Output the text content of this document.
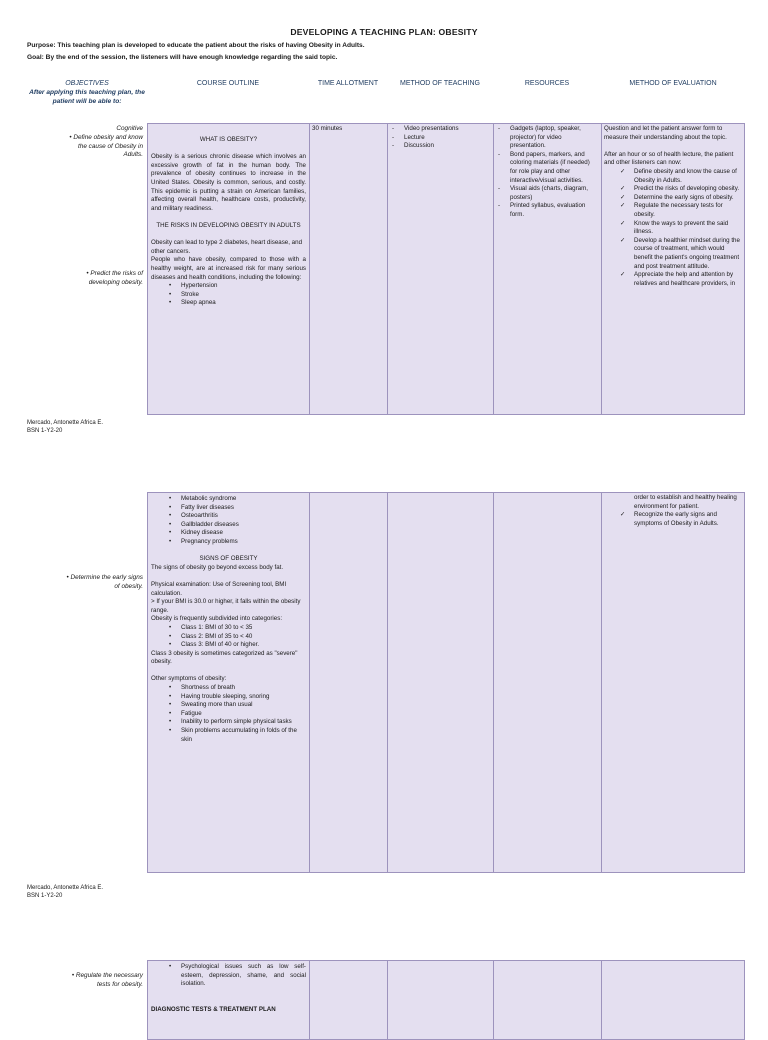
DEVELOPING A TEACHING PLAN: OBESITY
Purpose: This teaching plan is developed to educate the patient about the risks of having Obesity in Adults.
Goal: By the end of the session, the listeners will have enough knowledge regarding the said topic.
OBJECTIVES
After applying this teaching plan, the patient will be able to:
COURSE OUTLINE	TIME ALLOTMENT	METHOD OF TEACHING	RESOURCES	METHOD OF EVALUATION
Cognitive
• Define obesity and know the cause of Obesity in Adults.
• Predict the risks of developing obesity.

WHAT IS OBESITY?

Obesity is a serious chronic disease which involves an excessive growth of fat in the human body. The prevalence of obesity continues to increase in the United States. Obesity is common, serious, and costly. This epidemic is putting a strain on American families, affecting overall health, healthcare costs, productivity, and military readiness.

THE RISKS IN DEVELOPING OBESITY IN ADULTS

Obesity can lead to type 2 diabetes, heart disease, and other cancers.

People who have obesity, compared to those with a healthy weight, are at increased risk for many serious diseases and health conditions, including the following:

• Hypertension
• Stroke
• Sleep apnea
30 minutes
-	Video presentations
- Lecture
- Discussion
- Gadgets (laptop, speaker, projector) for video presentation.
- Bond papers, markers, and coloring materials (if needed) for role play and other interactive/visual activities.
- Visual aids (charts, diagram, posters)
- Printed syllabus, evaluation form.

Question and let the patient answer form to measure their understanding about the topic.

After an hour or so of health lecture, the patient and other listeners can now:

✓ Define obesity and know the cause of Obesity in Adults.
✓ Predict the risks of developing obesity.
✓ Determine the early signs of obesity.
✓ Regulate the necessary tests for obesity.
✓ Know the ways to prevent the said illness.
✓ Develop a healthier mindset during the course of treatment, which would benefit the patient's ongoing treatment and post treatment attitude.
✓ Appreciate the help and attention by relatives and healthcare providers, in
Mercado, Antonette Africa E.
BSN 1-Y2-20
• Determine the early signs of obesity.
• Metabolic syndrome
• Fatty liver diseases
• Osteoarthritis
• Gallbladder diseases
• Kidney disease
• Pregnancy problems

SIGNS OF OBESITY

The signs of obesity go beyond excess body fat.

Physical examination: Use of Screening tool, BMI calculation.

> If your BMI is 30.0 or higher, it falls within the obesity range.

Obesity is frequently subdivided into categories:

• Class 1: BMI of 30 to < 35
• Class 2: BMI of 35 to < 40
• Class 3: BMI of 40 or higher.

Class 3 obesity is sometimes categorized as "severe" obesity.

Other symptoms of obesity:

• Shortness of breath
• Having trouble sleeping, snoring
• Sweating more than usual
• Fatigue
• Inability to perform simple physical tasks
• Skin problems accumulating in folds of the skin

order to establish and healthy healing environment for patient.

✓ Recognize the early signs and symptoms of Obesity in Adults.
Mercado, Antonette Africa E.
BSN 1-Y2-20
• Regulate the necessary tests for obesity.
• Psychological issues such as low self-esteem, depression, shame, and social isolation.

DIAGNOSTIC TESTS & TREATMENT PLAN
